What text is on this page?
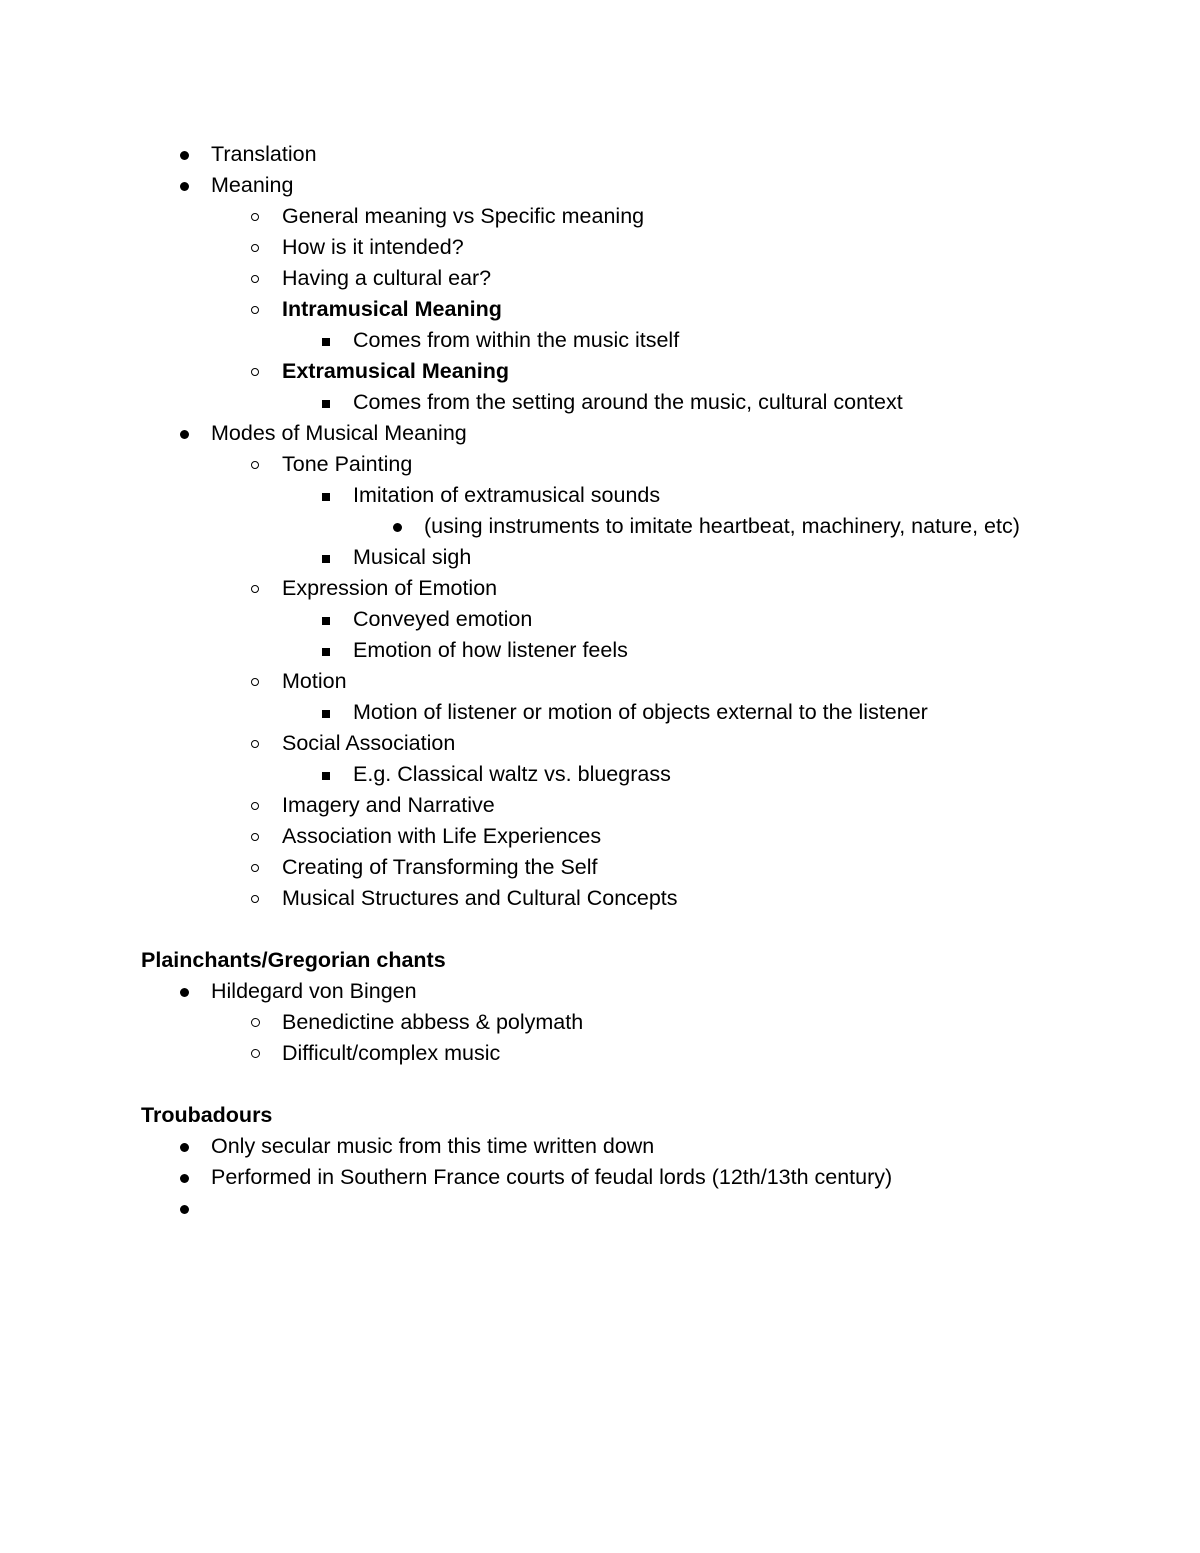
Translation
Meaning
General meaning vs Specific meaning
How is it intended?
Having a cultural ear?
Intramusical Meaning
Comes from within the music itself
Extramusical Meaning
Comes from the setting around the music, cultural context
Modes of Musical Meaning
Tone Painting
Imitation of extramusical sounds
(using instruments to imitate heartbeat, machinery, nature, etc)
Musical sigh
Expression of Emotion
Conveyed emotion
Emotion of how listener feels
Motion
Motion of listener or motion of objects external to the listener
Social Association
E.g. Classical waltz vs. bluegrass
Imagery and Narrative
Association with Life Experiences
Creating of Transforming the Self
Musical Structures and Cultural Concepts
Plainchants/Gregorian chants
Hildegard von Bingen
Benedictine abbess & polymath
Difficult/complex music
Troubadours
Only secular music from this time written down
Performed in Southern France courts of feudal lords (12th/13th century)
